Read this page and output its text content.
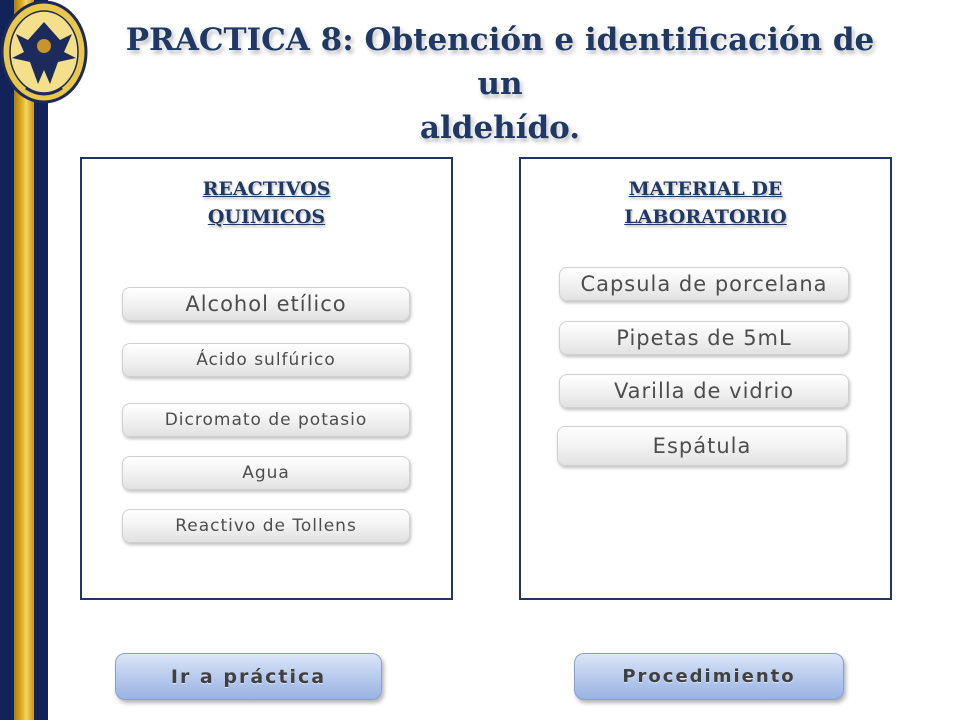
PRACTICA 8: Obtención e identificación de un
aldehído.
REACTIVOS
QUIMICOS
Alcohol etílico
Ácido sulfúrico
Dicromato de potasio
Agua
Reactivo de Tollens
MATERIAL DE
LABORATORIO
Capsula de porcelana
Pipetas de 5mL
Varilla de vidrio
Espátula
Ir a práctica	Procedimiento
